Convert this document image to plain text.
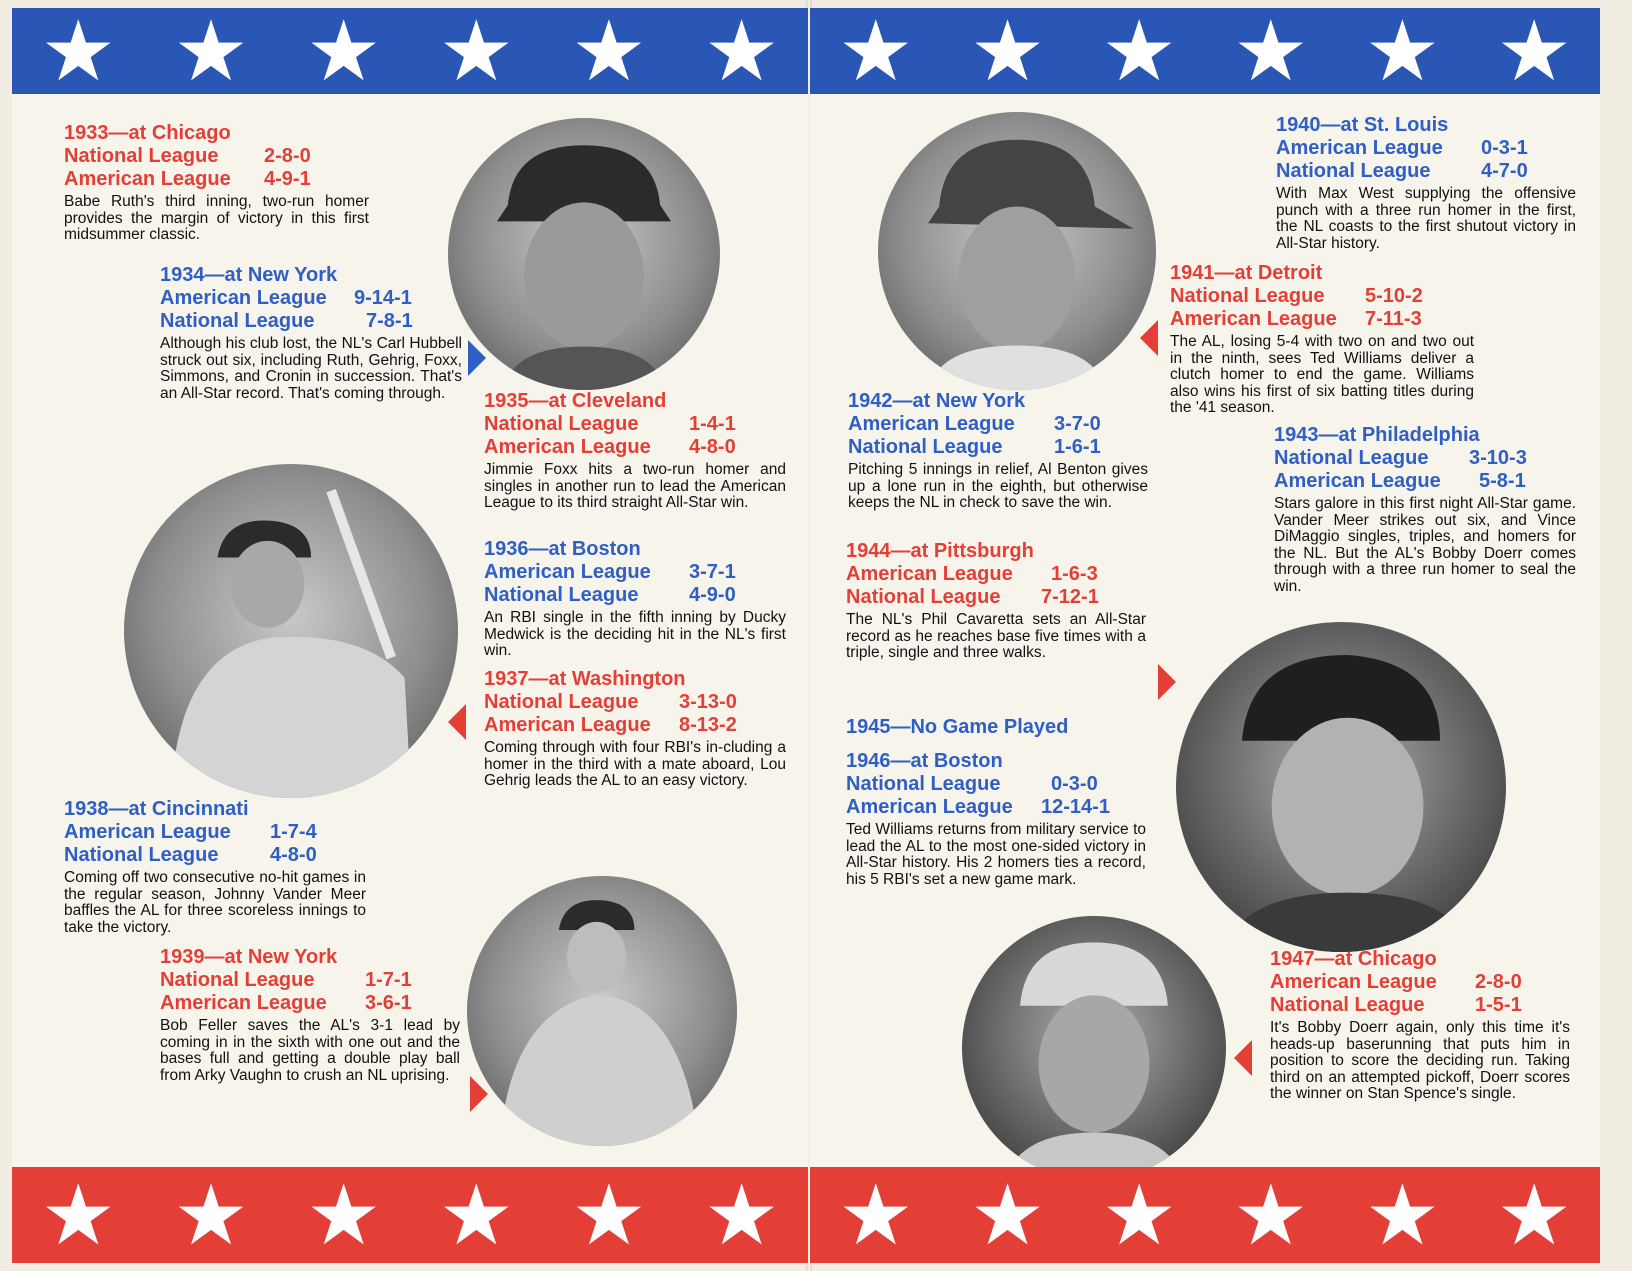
★ ★ ★ ★ ★ ★
1933—at Chicago
National League	2-8-0
American League	4-9-1
Babe Ruth's third inning, two-run homer provides the margin of victory in this first midsummer classic.
1934—at New York
American League	9-14-1
National League	7-8-1
Although his club lost, the NL's Carl Hubbell struck out six, including Ruth, Gehrig, Foxx, Simmons, and Cronin in succession. That's an All-Star record. That's coming through.	1935—at Cleveland
National League	1-4-1
American League	4-8-0
Jimmie Foxx hits a two-run homer and singles in another run to lead the American League to its third straight All-Star win.
1936—at Boston
American League	3-7-1
National League	4-9-0
An RBI single in the fifth inning by Ducky Medwick is the deciding hit in the NL's first win.
1937—at Washington
National League	3-13-0
American League	8-13-2
Coming through with four RBI's in-cluding a homer in the third with a mate aboard, Lou Gehrig leads the AL to an easy victory.
1938—at Cincinnati
American League	1-7-4
National League	4-8-0
Coming off two consecutive no-hit games in the regular season, Johnny Vander Meer baffles the AL for three scoreless innings to take the victory.
1939—at New York
National League	1-7-1
American League	3-6-1
Bob Feller saves the AL's 3-1 lead by coming in in the sixth with one out and the bases full and getting a double play ball from Arky Vaughn to crush an NL uprising.
★ ★ ★ ★ ★ ★
★ ★ ★ ★ ★ ★
1940—at St. Louis
American League	0-3-1
National League	4-7-0
With Max West supplying the offensive punch with a three run homer in the first, the NL coasts to the first shutout victory in All-Star history.
1941—at Detroit
National League	5-10-2
American League	7-11-3
The AL, losing 5-4 with two on and two out in the ninth, sees Ted Williams deliver a clutch homer to end the game. Williams also wins his first of six batting titles during the '41 season.
1942—at New York
American League	3-7-0
National League	1-6-1
Pitching 5 innings in relief, Al Benton gives up a lone run in the eighth, but otherwise keeps the NL in check to save the win.
1943—at Philadelphia
National League	3-10-3
American League	5-8-1
Stars galore in this first night All-Star game. Vander Meer strikes out six, and Vince DiMaggio singles, triples, and homers for the NL. But the AL's Bobby Doerr comes through with a three run homer to seal the win.
1944—at Pittsburgh
American League	1-6-3
National League	7-12-1
The NL's Phil Cavaretta sets an All-Star record as he reaches base five times with a triple, single and three walks.
1945—No Game Played
1946—at Boston
National League	0-3-0
American League	12-14-1
Ted Williams returns from military service to lead the AL to the most one-sided victory in All-Star history. His 2 homers ties a record, his 5 RBI's set a new game mark.
1947—at Chicago
American League	2-8-0
National League	1-5-1
It's Bobby Doerr again, only this time it's heads-up baserunning that puts him in position to score the deciding run. Taking third on an attempted pickoff, Doerr scores the winner on Stan Spence's single.
★ ★ ★ ★ ★ ★
